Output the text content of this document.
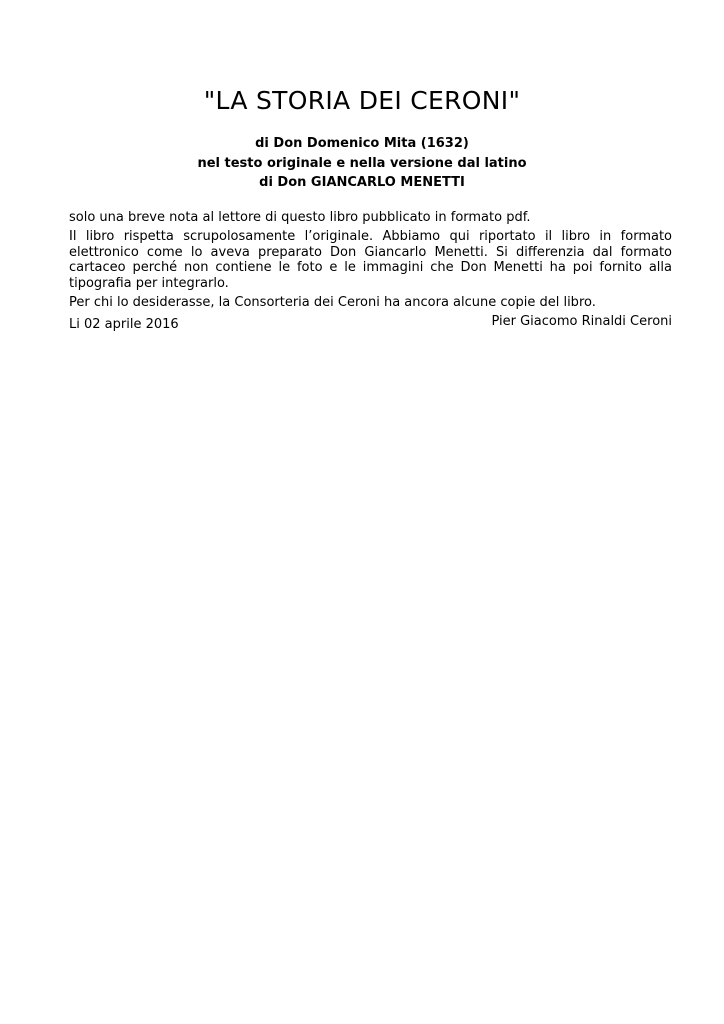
"LA STORIA DEI CERONI"
di Don Domenico Mita (1632)
nel testo originale e nella versione dal latino
di Don GIANCARLO MENETTI

solo una breve nota al lettore di questo libro pubblicato in formato pdf.

Il libro rispetta scrupolosamente l’originale. Abbiamo qui riportato il libro in formato elettronico come lo aveva preparato Don Giancarlo Menetti. Si differenzia dal formato cartaceo perché non contiene le foto e le immagini che Don Menetti ha poi fornito alla tipografia per integrarlo.

Per chi lo desiderasse, la Consorteria dei Ceroni ha ancora alcune copie del libro.

Pier Giacomo Rinaldi Ceroni

Li 02 aprile 2016
